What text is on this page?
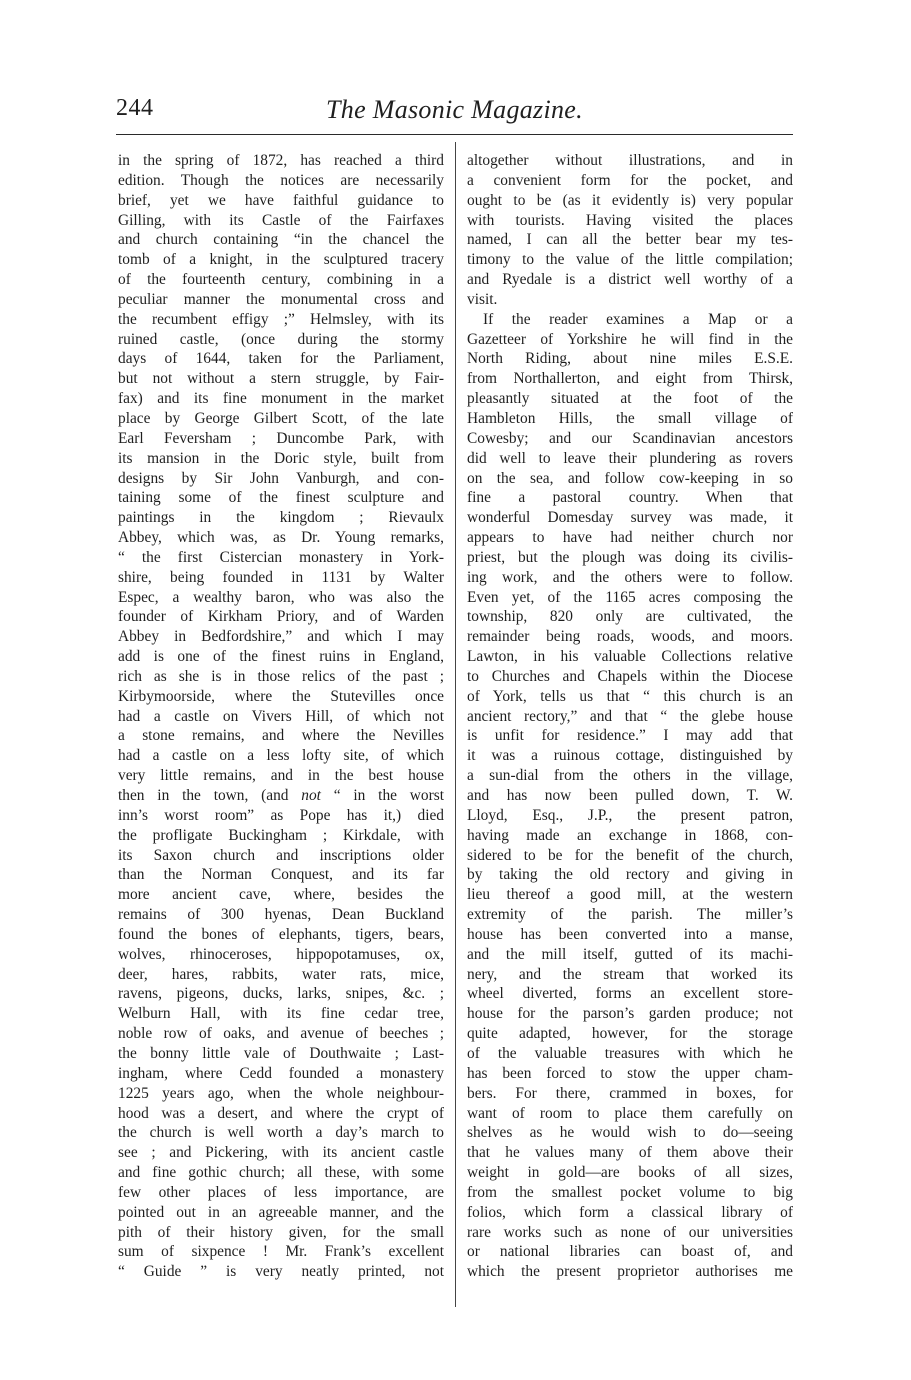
244	The Masonic Magazine.
in the spring of 1872, has reached a third
edition. Though the notices are necessarily
brief, yet we have faithful guidance to
Gilling, with its Castle of the Fairfaxes
and church containing “in the chancel the
tomb of a knight, in the sculptured tracery
of the fourteenth century, combining in a
peculiar manner the monumental cross and
the recumbent effigy ;” Helmsley, with its
ruined castle, (once during the stormy
days of 1644, taken for the Parliament,
but not without a stern struggle, by Fair-
fax) and its fine monument in the market
place by George Gilbert Scott, of the late
Earl Feversham ; Duncombe Park, with
its mansion in the Doric style, built from
designs by Sir John Vanburgh, and con-
taining some of the finest sculpture and
paintings in the kingdom ; Rievaulx
Abbey, which was, as Dr. Young remarks,
“ the first Cistercian monastery in York-
shire, being founded in 1131 by Walter
Espec, a wealthy baron, who was also the
founder of Kirkham Priory, and of Warden
Abbey in Bedfordshire,” and which I may
add is one of the finest ruins in England,
rich as she is in those relics of the past ;
Kirbymoorside, where the Stutevilles once
had a castle on Vivers Hill, of which not
a stone remains, and where the Nevilles
had a castle on a less lofty site, of which
very little remains, and in the best house
then in the town, (and not “ in the worst
inn’s worst room” as Pope has it,) died
the profligate Buckingham ; Kirkdale, with
its Saxon church and inscriptions older
than the Norman Conquest, and its far
more ancient cave, where, besides the
remains of 300 hyenas, Dean Buckland
found the bones of elephants, tigers, bears,
wolves, rhinoceroses, hippopotamuses, ox,
deer, hares, rabbits, water rats, mice,
ravens, pigeons, ducks, larks, snipes, &c. ;
Welburn Hall, with its fine cedar tree,
noble row of oaks, and avenue of beeches ;
the bonny little vale of Douthwaite ; Last-
ingham, where Cedd founded a monastery
1225 years ago, when the whole neighbour-
hood was a desert, and where the crypt of
the church is well worth a day’s march to
see ; and Pickering, with its ancient castle
and fine gothic church; all these, with some
few other places of less importance, are
pointed out in an agreeable manner, and the
pith of their history given, for the small
sum of sixpence ! Mr. Frank’s excellent
“ Guide ” is very neatly printed, not
altogether without illustrations, and in
a convenient form for the pocket, and
ought to be (as it evidently is) very popular
with tourists. Having visited the places
named, I can all the better bear my tes-
timony to the value of the little compilation;
and Ryedale is a district well worthy of a
visit.
If the reader examines a Map or a
Gazetteer of Yorkshire he will find in the
North Riding, about nine miles E.S.E.
from Northallerton, and eight from Thirsk,
pleasantly situated at the foot of the
Hambleton Hills, the small village of
Cowesby; and our Scandinavian ancestors
did well to leave their plundering as rovers
on the sea, and follow cow-keeping in so
fine a pastoral country. When that
wonderful Domesday survey was made, it
appears to have had neither church nor
priest, but the plough was doing its civilis-
ing work, and the others were to follow.
Even yet, of the 1165 acres composing the
township, 820 only are cultivated, the
remainder being roads, woods, and moors.
Lawton, in his valuable Collections relative
to Churches and Chapels within the Diocese
of York, tells us that “ this church is an
ancient rectory,” and that “ the glebe house
is unfit for residence.” I may add that
it was a ruinous cottage, distinguished by
a sun-dial from the others in the village,
and has now been pulled down, T. W.
Lloyd, Esq., J.P., the present patron,
having made an exchange in 1868, con-
sidered to be for the benefit of the church,
by taking the old rectory and giving in
lieu thereof a good mill, at the western
extremity of the parish. The miller’s
house has been converted into a manse,
and the mill itself, gutted of its machi-
nery, and the stream that worked its
wheel diverted, forms an excellent store-
house for the parson’s garden produce; not
quite adapted, however, for the storage
of the valuable treasures with which he
has been forced to stow the upper cham-
bers. For there, crammed in boxes, for
want of room to place them carefully on
shelves as he would wish to do—seeing
that he values many of them above their
weight in gold—are books of all sizes,
from the smallest pocket volume to big
folios, which form a classical library of
rare works such as none of our universities
or national libraries can boast of, and
which the present proprietor authorises me
